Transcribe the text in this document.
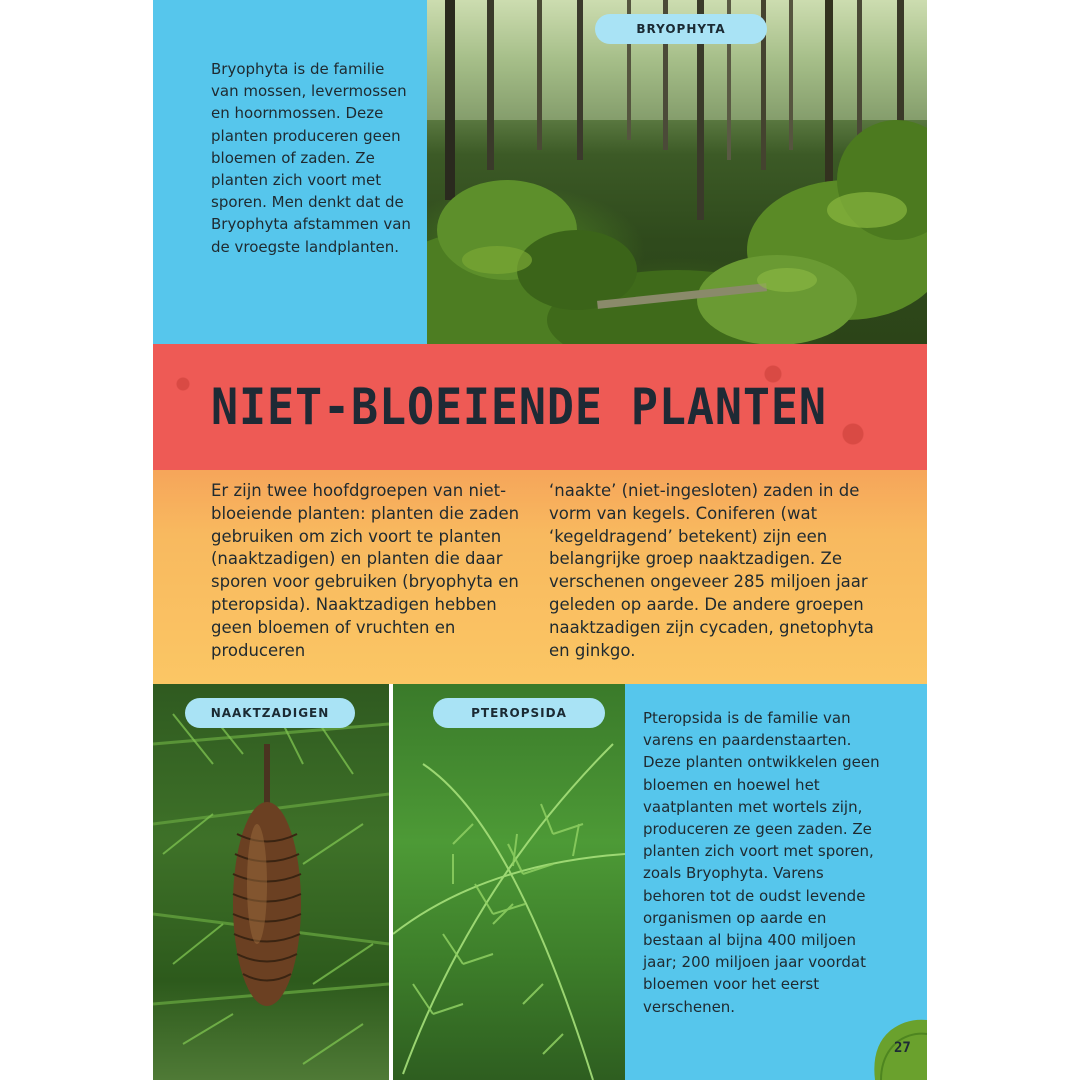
Bryophyta is de familie van mossen, levermossen en hoornmossen. Deze planten produceren geen bloemen of zaden. Ze planten zich voort met sporen. Men denkt dat de Bryophyta afstammen van de vroegste landplanten.

BRYOPHYTA
NIET-BLOEIENDE PLANTEN

Er zijn twee hoofdgroepen van niet-bloeiende planten: planten die zaden gebruiken om zich voort te planten (naaktzadigen) en planten die daar sporen voor gebruiken (bryophyta en pteropsida). Naaktzadigen hebben geen bloemen of vruchten en produceren

‘naakte’ (niet-ingesloten) zaden in de vorm van kegels. Coniferen (wat ‘kegeldragend’ betekent) zijn een belangrijke groep naaktzadigen. Ze verschenen ongeveer 285 miljoen jaar geleden op aarde. De andere groepen naaktzadigen zijn cycaden, gnetophyta en ginkgo.

NAAKTZADIGEN	PTEROPSIDA	Pteropsida is de familie van varens en paardenstaarten. Deze planten ontwikkelen geen bloemen en hoewel het vaatplanten met wortels zijn, produceren ze geen zaden. Ze planten zich voort met sporen, zoals Bryophyta. Varens behoren tot de oudst levende organismen op aarde en bestaan al bijna 400 miljoen jaar; 200 miljoen jaar voordat bloemen voor het eerst verschenen.

27
